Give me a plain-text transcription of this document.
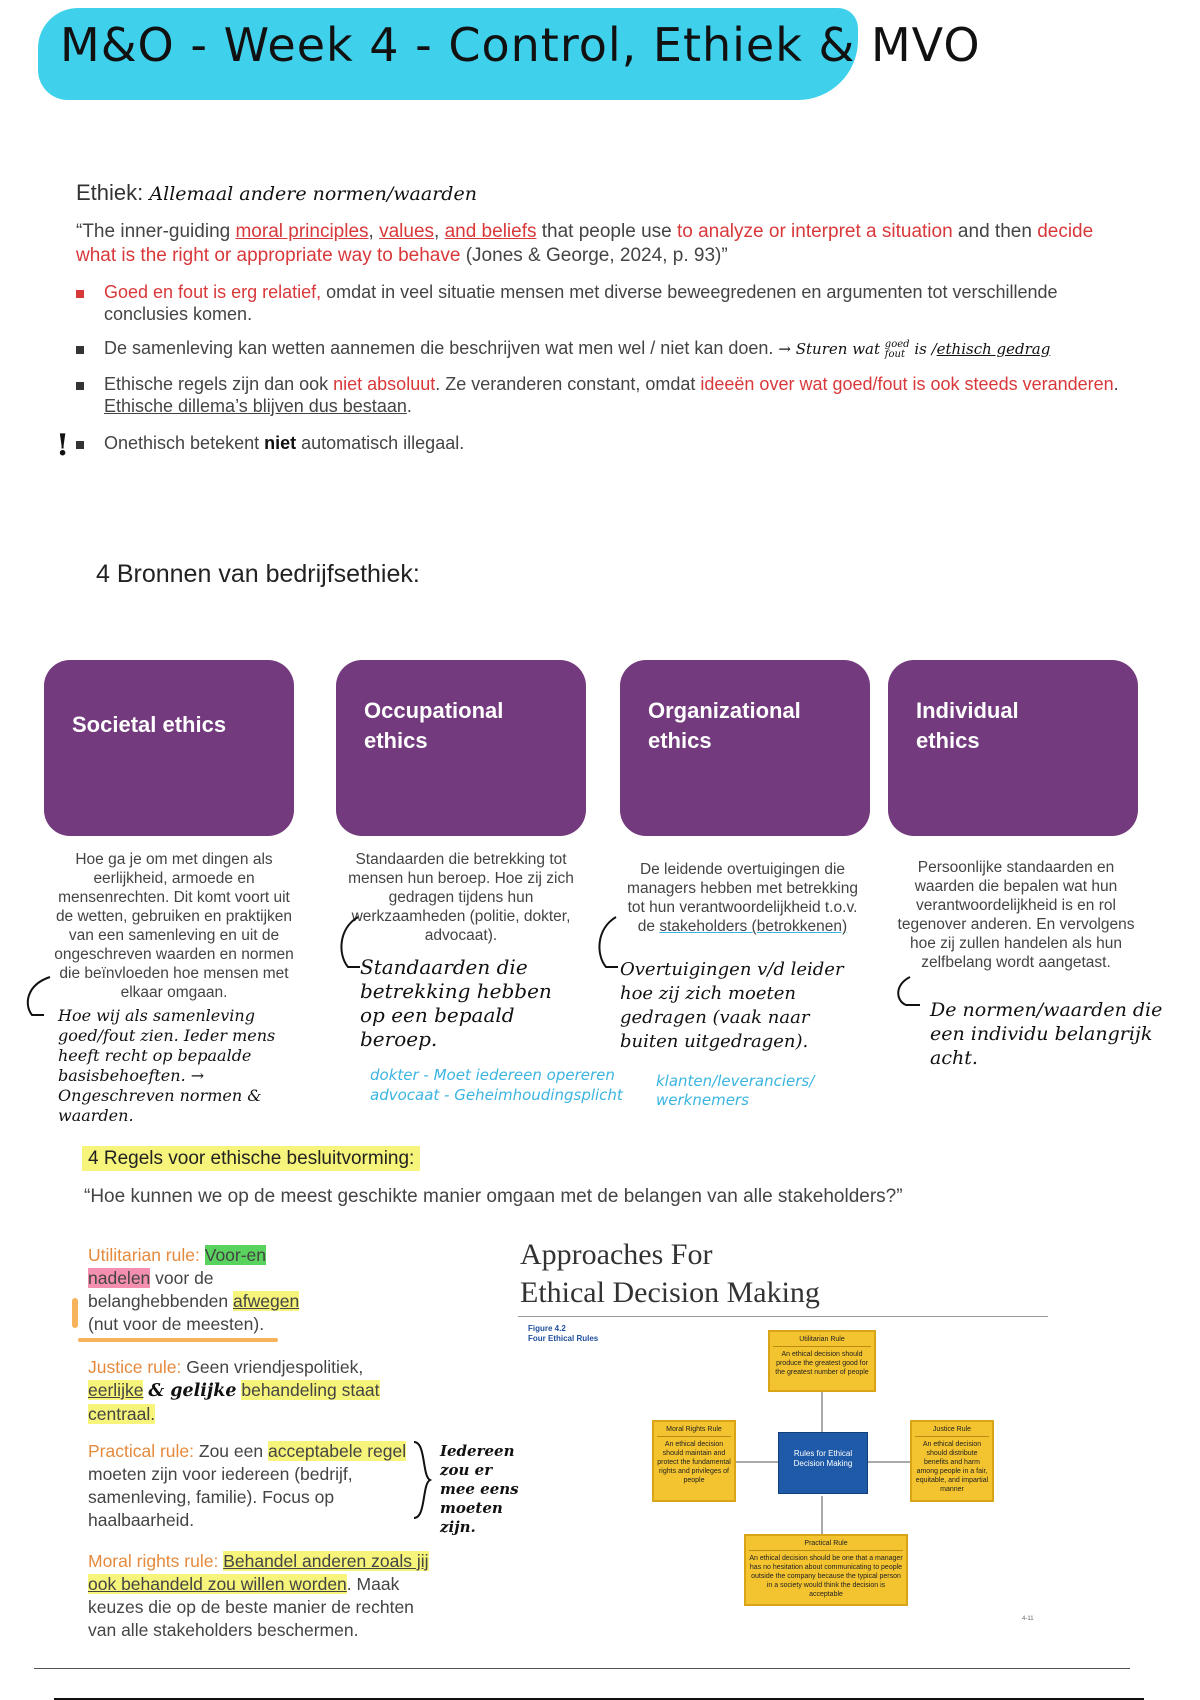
M&O - Week 4 - Control, Ethiek & MVO
Ethiek: Allemaal andere normen/waarden
“The inner-guiding moral principles, values, and beliefs that people use to analyze or interpret a situation and then decide what is the right or appropriate way to behave (Jones & George, 2024, p. 93)”
Goed en fout is erg relatief, omdat in veel situatie mensen met diverse beweegredenen en argumenten tot verschillende conclusies komen.
De samenleving kan wetten aannemen die beschrijven wat men wel / niet kan doen. → Sturen wat goed
fout is /ethisch gedrag
Ethische regels zijn dan ook niet absoluut. Ze veranderen constant, omdat ideeën over wat goed/fout is ook steeds veranderen. Ethische dillema’s blijven dus bestaan.
! Onethisch betekent niet automatisch illegaal.
4 Bronnen van bedrijfsethiek:
Societal ethics
Occupational ethics
Organizational ethics
Individual ethics
Hoe ga je om met dingen als eerlijkheid, armoede en mensenrechten. Dit komt voort uit de wetten, gebruiken en praktijken van een samenleving en uit de ongeschreven waarden en normen die beïnvloeden hoe mensen met elkaar omgaan.
Standaarden die betrekking tot mensen hun beroep. Hoe zij zich gedragen tijdens hun werkzaamheden (politie, dokter, advocaat).
De leidende overtuigingen die managers hebben met betrekking tot hun verantwoordelijkheid t.o.v. de stakeholders (betrokkenen)
Persoonlijke standaarden en waarden die bepalen wat hun verantwoordelijkheid is en rol tegenover anderen. En vervolgens hoe zij zullen handelen als hun zelfbelang wordt aangetast.
Hoe wij als samenleving goed/fout zien. Ieder mens heeft recht op bepaalde basisbehoeften. → Ongeschreven normen & waarden.
Standaarden die betrekking hebben op een bepaald beroep.
dokter - Moet iedereen opereren
advocaat - Geheimhoudingsplicht
Overtuigingen v/d leider hoe zij zich moeten gedragen (vaak naar buiten uitgedragen).
klanten/leveranciers/ werknemers
De normen/waarden die een individu belangrijk acht.
4 Regels voor ethische besluitvorming:
“Hoe kunnen we op de meest geschikte manier omgaan met de belangen van alle stakeholders?”
Utilitarian rule: Voor-en nadelen voor de belanghebbenden afwegen (nut voor de meesten).
Justice rule: Geen vriendjespolitiek, eerlijke & gelijke behandeling staat centraal.
Practical rule: Zou een acceptabele regel moeten zijn voor iedereen (bedrijf, samenleving, familie). Focus op haalbaarheid.
Iedereen zou er mee eens moeten zijn.
Moral rights rule: Behandel anderen zoals jij ook behandeld zou willen worden. Maak keuzes die op de beste manier de rechten van alle stakeholders beschermen.
Approaches For
Ethical Decision Making
Figure 4.2
Four Ethical Rules	Utilitarian Rule
An ethical decision should produce the greatest good for the greatest number of people
Moral Rights Rule
An ethical decision should maintain and protect the fundamental rights and privileges of people
Rules for Ethical Decision Making
Justice Rule
An ethical decision should distribute benefits and harm among people in a fair, equitable, and impartial manner
Practical Rule
An ethical decision should be one that a manager has no hesitation about communicating to people outside the company because the typical person in a society would think the decision is acceptable
4-11
